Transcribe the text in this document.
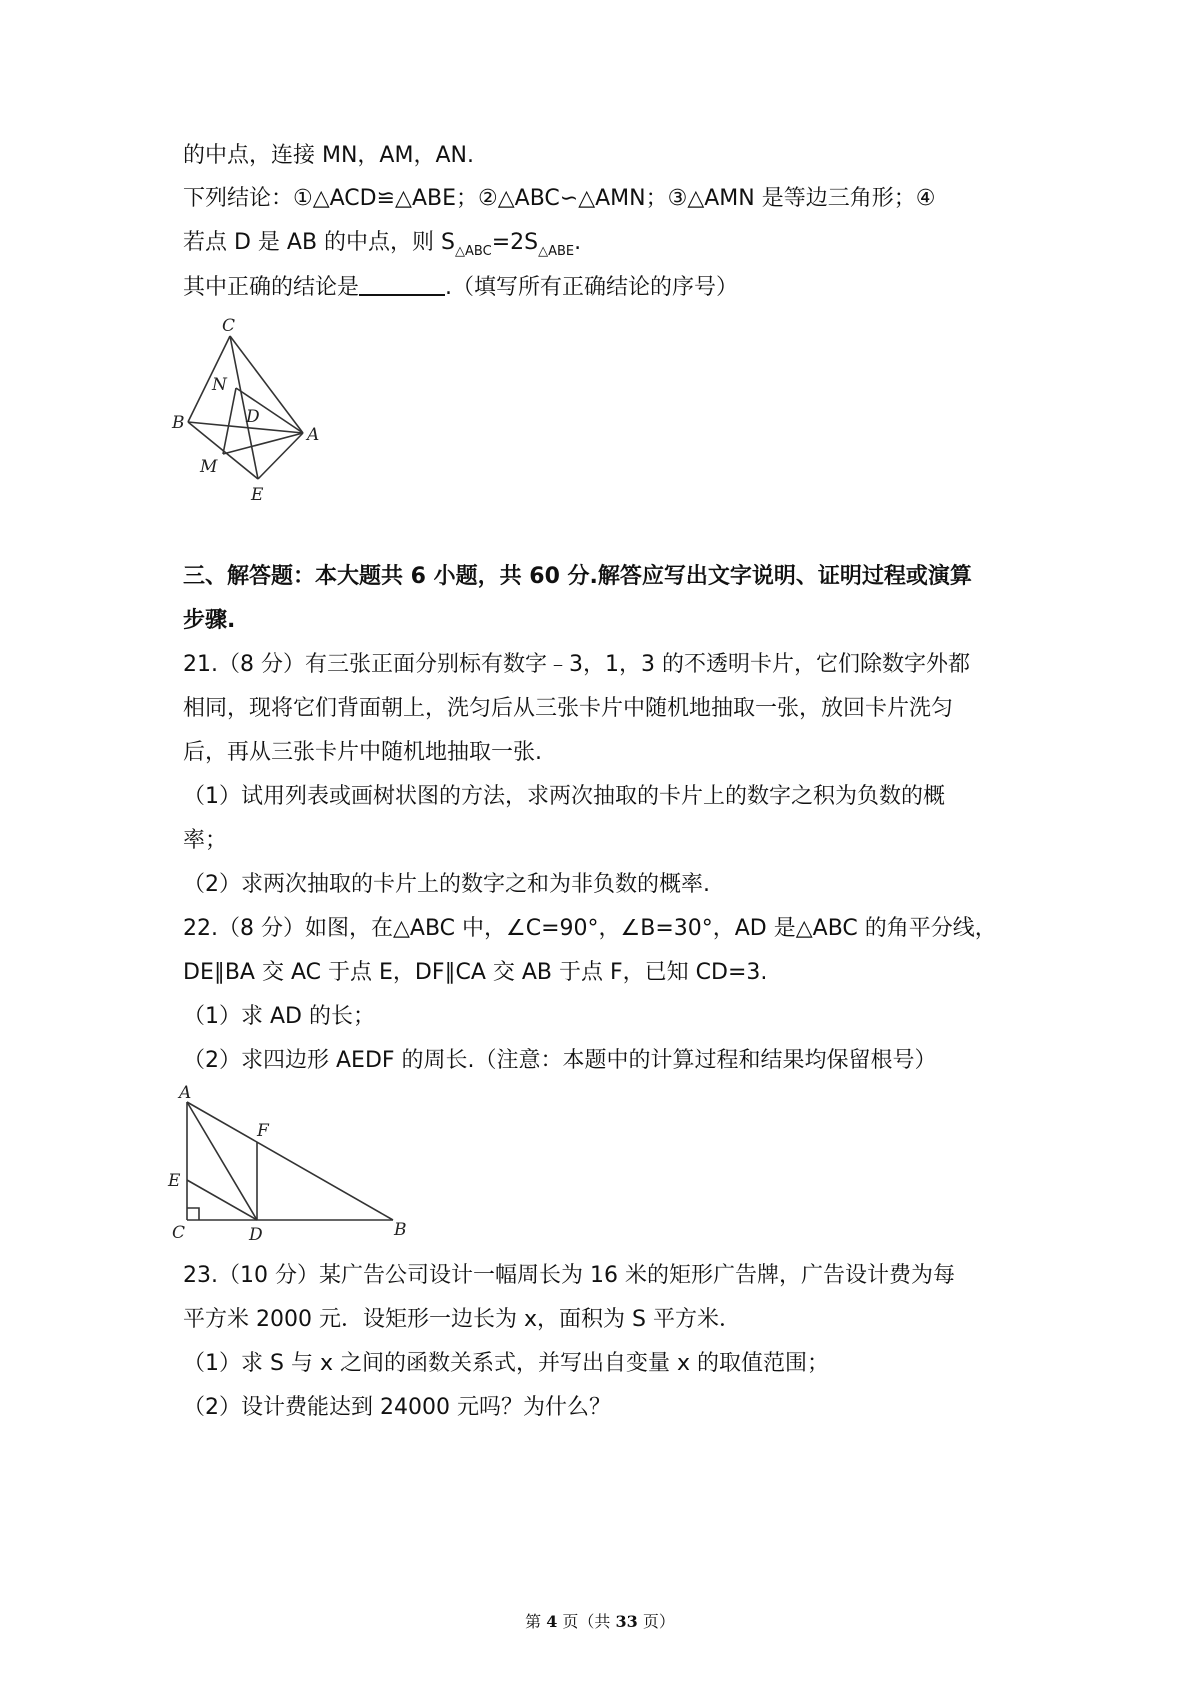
的中点，连接 MN，AM，AN.
下列结论：①△ACD≌△ABE；②△ABC∽△AMN；③△AMN 是等边三角形；④
若点 D 是 AB 的中点，则 $S_{\triangle ABC}=2S_{\triangle ABE}$.
其中正确的结论是	.（填写所有正确结论的序号）
C
N
D
B
A
M
E
三、解答题：本大题共 6 小题，共 60 分.解答应写出文字说明、证明过程或演算
步骤.
21.（8 分）有三张正面分别标有数字﹣3，1，3 的不透明卡片，它们除数字外都
相同，现将它们背面朝上，洗匀后从三张卡片中随机地抽取一张，放回卡片洗匀
后，再从三张卡片中随机地抽取一张.
（1）试用列表或画树状图的方法，求两次抽取的卡片上的数字之积为负数的概
率；
（2）求两次抽取的卡片上的数字之和为非负数的概率.
22.（8 分）如图，在△ABC 中，∠C=90°，∠B=30°，AD 是△ABC 的角平分线，
DE∥BA 交 AC 于点 E，DF∥CA 交 AB 于点 F，已知 CD=3.
（1）求 AD 的长；
（2）求四边形 AEDF 的周长.（注意：本题中的计算过程和结果均保留根号）
A
F
E
C	D	B
23.（10 分）某广告公司设计一幅周长为 16 米的矩形广告牌，广告设计费为每
平方米 2000 元．设矩形一边长为 x，面积为 S 平方米．
（1）求 S 与 x 之间的函数关系式，并写出自变量 x 的取值范围；
（2）设计费能达到 24000 元吗？为什么？
第 4 页（共 33 页）
